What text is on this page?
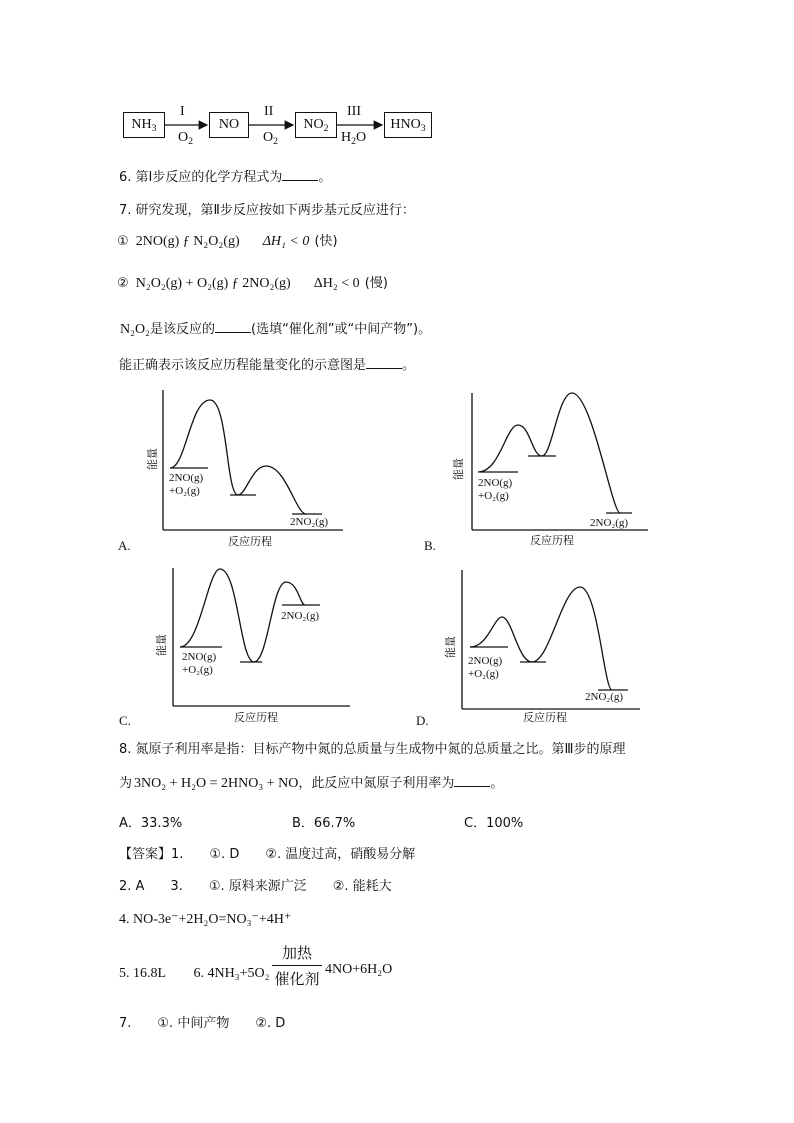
$NH_3$	NO	$NO_2$	$HNO_3$
I
$O_2$
II
$O_2$
III
$H_2O$
6. 第Ⅰ步反应的化学方程式为	。
7. 研究发现，第Ⅱ步反应按如下两步基元反应进行：
① 2NO(g) ƒ N₂O₂(g) ΔH₁ < 0 (快)
② N₂O₂(g) + O₂(g) ƒ 2NO₂(g) ΔH₂ < 0 (慢)
N₂O₂是该反应的	(选填“催化剂”或“中间产物”)。
能正确表示该反应历程能量变化的示意图是	。
能量
2NO(g)
+O₂(g)
2NO₂(g)
反应历程
能量
2NO(g)
+O₂(g)
2NO₂(g)
反应历程
能量
2NO(g)
+O₂(g)
2NO₂(g)
反应历程
能量
2NO(g)
+O₂(g)
2NO₂(g)
反应历程
A.	B.
C.	D.
8. 氮原子利用率是指：目标产物中氮的总质量与生成物中氮的总质量之比。第Ⅲ步的原理
为 3NO₂ + H₂O = 2HNO₃ + NO，此反应中氮原子利用率为	。
A．33.3%	B．66.7%	C．100%
【答案】1.　　①. D　　②. 温度过高，硝酸易分解
2. A　　3.　　①. 原料来源广泛　　②. 能耗大
4. NO-3e⁻+2H₂O=NO₃⁻+4H⁺
5. 16.8L　　6. 4NH₃+5O₂
加热
催化剂
4NO+6H₂O
7.　　①. 中间产物　　②. D
